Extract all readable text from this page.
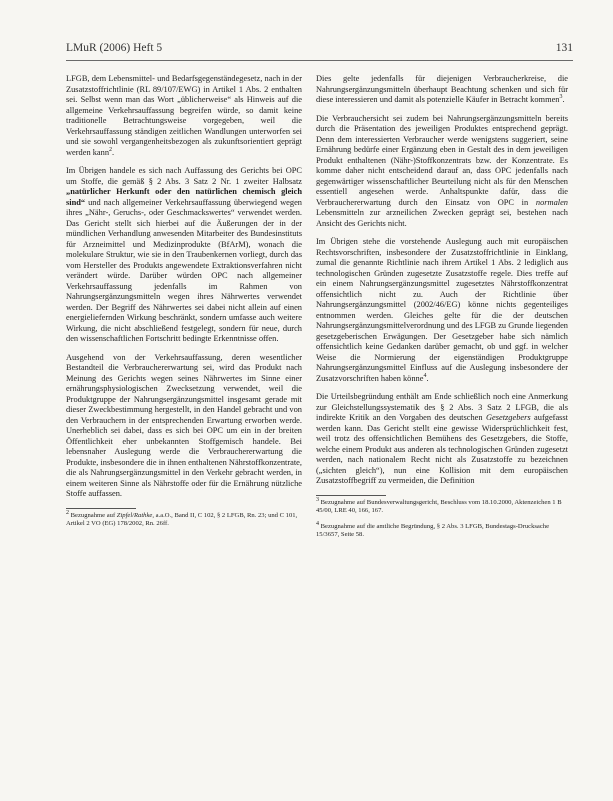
LMuR (2006) Heft 5	131

LFGB, dem Lebensmittel- und Bedarfsgegenständegesetz, nach in der Zusatzstoffrichtlinie (RL 89/107/EWG) in Artikel 1 Abs. 2 enthalten sei. Selbst wenn man das Wort „üblicherweise“ als Hinweis auf die allgemeine Verkehrsauffassung begreifen würde, so damit keine traditionelle Betrachtungsweise vorgegeben, weil die Verkehrsauffassung ständigen zeitlichen Wandlungen unterworfen sei und sie sowohl vergangenheitsbezogen als zukunftsorientiert geprägt werden kann$^2$.

Im Übrigen handele es sich nach Auffassung des Gerichts bei OPC um Stoffe, die gemäß § 2 Abs. 3 Satz 2 Nr. 1 zweiter Halbsatz „natürlicher Herkunft oder den natürlichen chemisch gleich sind“ und nach allgemeiner Verkehrsauffassung überwiegend wegen ihres „Nähr-, Geruchs-, oder Geschmackswertes“ verwendet werden. Das Gericht stellt sich hierbei auf die Äußerungen der in der mündlichen Verhandlung anwesenden Mitarbeiter des Bundesinstituts für Arzneimittel und Medizinprodukte (BfArM), wonach die molekulare Struktur, wie sie in den Traubenkernen vorliegt, durch das vom Hersteller des Produkts angewendete Extraktionsverfahren nicht verändert würde. Darüber würden OPC nach allgemeiner Verkehrsauffassung jedenfalls im Rahmen von Nahrungsergänzungsmitteln wegen ihres Nährwertes verwendet werden. Der Begriff des Nährwertes sei dabei nicht allein auf einen energieliefernden Wirkung beschränkt, sondern umfasse auch weitere Wirkung, die nicht abschließend festgelegt, sondern für neue, durch den wissenschaftlichen Fortschritt bedingte Erkenntnisse offen.

Ausgehend von der Verkehrsauffassung, deren wesentlicher Bestandteil die Verbrauchererwartung sei, wird das Produkt nach Meinung des Gerichts wegen seines Nährwertes im Sinne einer ernährungsphysiologischen Zwecksetzung verwendet, weil die Produktgruppe der Nahrungsergänzungsmittel insgesamt gerade mit dieser Zweckbestimmung hergestellt, in den Handel gebracht und von den Verbrauchern in der entsprechenden Erwartung erworben werde. Unerheblich sei dabei, dass es sich bei OPC um ein in der breiten Öffentlichkeit eher unbekannten Stoffgemisch handele. Bei lebensnaher Auslegung werde die Verbrauchererwartung die Produkte, insbesondere die in ihnen enthaltenen Nährstoffkonzentrate, die als Nahrungsergänzungsmittel in den Verkehr gebracht werden, in einem weiteren Sinne als Nährstoffe oder für die Ernährung nützliche Stoffe auffassen.

$^2$ Bezugnahme auf Zipfel/Rathke, a.a.O., Band II, C 102, § 2 LFGB, Rn. 23; und C 101, Artikel 2 VO (EG) 178/2002, Rn. 26ff.

Dies gelte jedenfalls für diejenigen Verbraucherkreise, die Nahrungsergänzungsmitteln überhaupt Beachtung schenken und sich für diese interessieren und damit als potenzielle Käufer in Betracht kommen$^3$.

Die Verbrauchersicht sei zudem bei Nahrungsergänzungsmitteln bereits durch die Präsentation des jeweiligen Produktes entsprechend geprägt. Denn dem interessierten Verbraucher werde wenigstens suggeriert, seine Ernährung bedürfe einer Ergänzung eben in Gestalt des in dem jeweiligen Produkt enthaltenen (Nähr-)Stoffkonzentrats bzw. der Konzentrate. Es komme daher nicht entscheidend darauf an, dass OPC jedenfalls nach gegenwärtiger wissenschaftlicher Beurteilung nicht als für den Menschen essentiell angesehen werde. Anhaltspunkte dafür, dass die Verbrauchererwartung durch den Einsatz von OPC in normalen Lebensmitteln zur arzneilichen Zwecken geprägt sei, bestehen nach Ansicht des Gerichts nicht.

Im Übrigen stehe die vorstehende Auslegung auch mit europäischen Rechtsvorschriften, insbesondere der Zusatzstoffrichtlinie in Einklang, zumal die genannte Richtlinie nach ihrem Artikel 1 Abs. 2 lediglich aus technologischen Gründen zugesetzte Zusatzstoffe regele. Dies treffe auf ein einem Nahrungsergänzungsmittel zugesetztes Nährstoffkonzentrat offensichtlich nicht zu. Auch der Richtlinie über Nahrungsergänzungsmittel (2002/46/EG) könne nichts gegenteiliges entnommen werden. Gleiches gelte für die der deutschen Nahrungsergänzungsmittelverordnung und des LFGB zu Grunde liegenden gesetzgeberischen Erwägungen. Der Gesetzgeber habe sich nämlich offensichtlich keine Gedanken darüber gemacht, ob und ggf. in welcher Weise die Normierung der eigenständigen Produktgruppe Nahrungsergänzungsmittel Einfluss auf die Auslegung insbesondere der Zusatzvorschriften haben könne$^4$.

Die Urteilsbegründung enthält am Ende schließlich noch eine Anmerkung zur Gleichstellungssystematik des § 2 Abs. 3 Satz 2 LFGB, die als indirekte Kritik an den Vorgaben des deutschen Gesetzgebers aufgefasst werden kann. Das Gericht stellt eine gewisse Widersprüchlichkeit fest, weil trotz des offensichtlichen Bemühens des Gesetzgebers, die Stoffe, welche einem Produkt aus anderen als technologischen Gründen zugesetzt werden, nach nationalem Recht nicht als Zusatzstoffe zu bezeichnen („sichten gleich“), nun eine Kollision mit dem europäischen Zusatzstoffbegriff zu vermeiden, die Definition

$^3$ Bezugnahme auf Bundesverwaltungsgericht, Beschluss vom 18.10.2000, Aktenzeichen 1 B 45/00, LRE 40, 166, 167.

$^4$ Bezugnahme auf die amtliche Begründung, § 2 Abs. 3 LFGB, Bundestags-Drucksache 15/3657, Seite 58.
